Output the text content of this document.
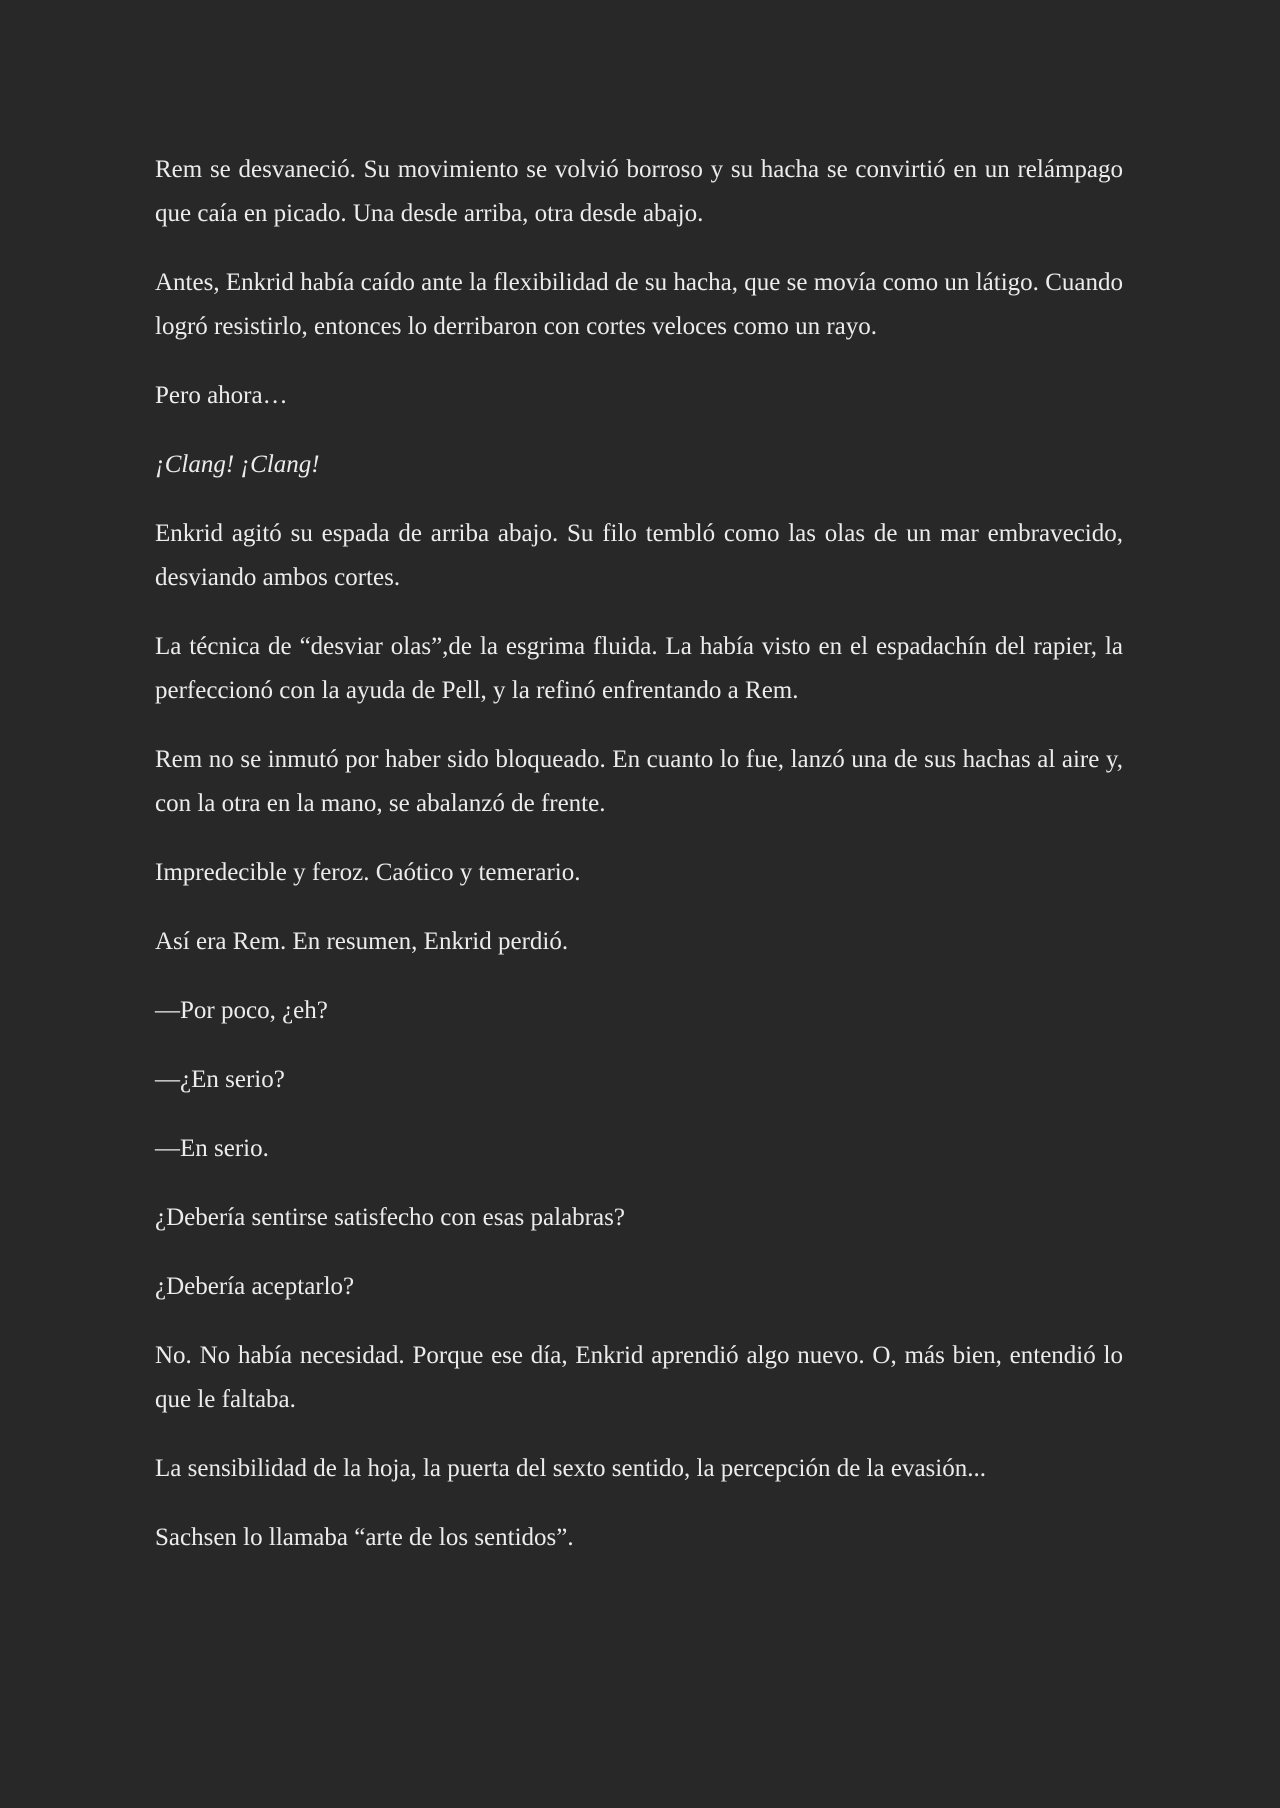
Rem se desvaneció. Su movimiento se volvió borroso y su hacha se convirtió en un relámpago que caía en picado. Una desde arriba, otra desde abajo.

Antes, Enkrid había caído ante la flexibilidad de su hacha, que se movía como un látigo. Cuando logró resistirlo, entonces lo derribaron con cortes veloces como un rayo.

Pero ahora…

¡Clang! ¡Clang!

Enkrid agitó su espada de arriba abajo. Su filo tembló como las olas de un mar embravecido, desviando ambos cortes.

La técnica de “desviar olas”,de la esgrima fluida. La había visto en el espadachín del rapier, la perfeccionó con la ayuda de Pell, y la refinó enfrentando a Rem.

Rem no se inmutó por haber sido bloqueado. En cuanto lo fue, lanzó una de sus hachas al aire y, con la otra en la mano, se abalanzó de frente.

Impredecible y feroz. Caótico y temerario.

Así era Rem. En resumen, Enkrid perdió.

—Por poco, ¿eh?

—¿En serio?

—En serio.

¿Debería sentirse satisfecho con esas palabras?

¿Debería aceptarlo?

No. No había necesidad. Porque ese día, Enkrid aprendió algo nuevo. O, más bien, entendió lo que le faltaba.

La sensibilidad de la hoja, la puerta del sexto sentido, la percepción de la evasión...

Sachsen lo llamaba “arte de los sentidos”.
